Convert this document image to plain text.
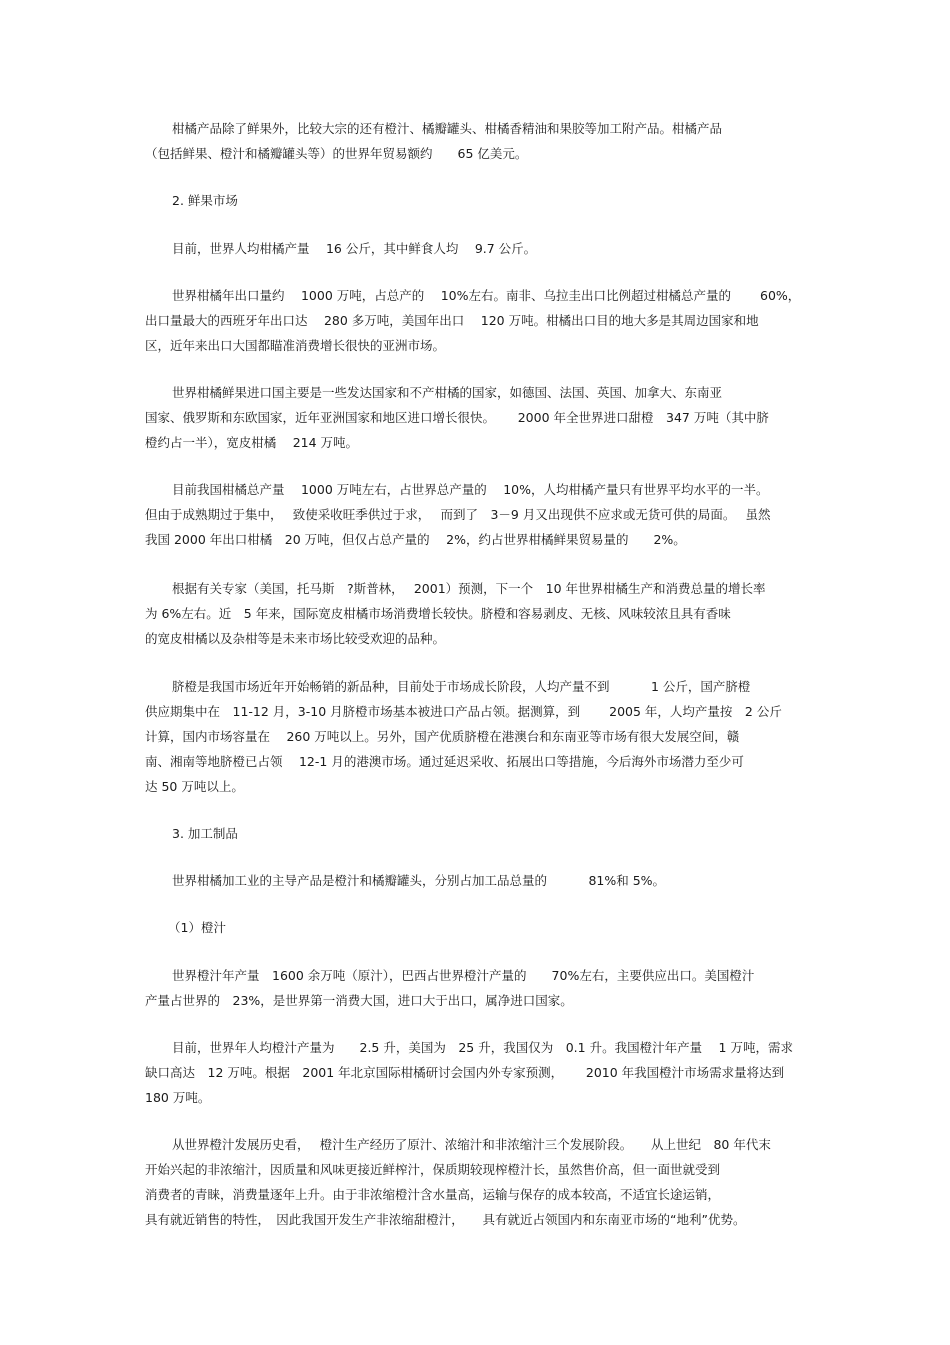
柑橘产品除了鲜果外，比较大宗的还有橙汁、橘瓣罐头、柑橘香精油和果胶等加工附产品。柑橘产品
（包括鲜果、橙汁和橘瓣罐头等）的世界年贸易额约　　65 亿美元。
2. 鲜果市场
目前，世界人均柑橘产量　 16 公斤，其中鲜食人均　 9.7 公斤。
世界柑橘年出口量约　 1000 万吨，占总产的　 10%左右。南非、乌拉圭出口比例超过柑橘总产量的　　 60%，
出口量最大的西班牙年出口达　 280 多万吨，美国年出口　 120 万吨。柑橘出口目的地大多是其周边国家和地
区，近年来出口大国都瞄准消费增长很快的亚洲市场。
世界柑橘鲜果进口国主要是一些发达国家和不产柑橘的国家，如德国、法国、英国、加拿大、东南亚
国家、俄罗斯和东欧国家，近年亚洲国家和地区进口增长很快。　　 2000 年全世界进口甜橙　347 万吨（其中脐
橙约占一半），宽皮柑橘　 214 万吨。
目前我国柑橘总产量　 1000 万吨左右，占世界总产量的　 10%，人均柑橘产量只有世界平均水平的一半。
但由于成熟期过于集中，　 致使采收旺季供过于求，　 而到了　3－9 月又出现供不应求或无货可供的局面。　 虽然
我国 2000 年出口柑橘　20 万吨，但仅占总产量的　 2%，约占世界柑橘鲜果贸易量的　　2%。
根据有关专家（美国，托马斯　?斯普林，　 2001）预测，下一个　10 年世界柑橘生产和消费总量的增长率
为 6%左右。近　5 年来，国际宽皮柑橘市场消费增长较快。脐橙和容易剥皮、无核、风味较浓且具有香味
的宽皮柑橘以及杂柑等是未来市场比较受欢迎的品种。
脐橙是我国市场近年开始畅销的新品种，目前处于市场成长阶段，人均产量不到　　　 1 公斤，国产脐橙
供应期集中在　11-12 月，3-10 月脐橙市场基本被进口产品占领。据测算，到　　 2005 年，人均产量按　2 公斤
计算，国内市场容量在　 260 万吨以上。另外，国产优质脐橙在港澳台和东南亚等市场有很大发展空间，赣
南、湘南等地脐橙已占领　 12-1 月的港澳市场。通过延迟采收、拓展出口等措施，今后海外市场潜力至少可
达 50 万吨以上。
3. 加工制品
世界柑橘加工业的主导产品是橙汁和橘瓣罐头，分别占加工品总量的　　　 81%和 5%。
（1）橙汁
世界橙汁年产量　1600 余万吨（原汁），巴西占世界橙汁产量的　　70%左右，主要供应出口。美国橙汁
产量占世界的　23%，是世界第一消费大国，进口大于出口，属净进口国家。
目前，世界年人均橙汁产量为　　2.5 升，美国为　25 升，我国仅为　0.1 升。我国橙汁年产量　 1 万吨，需求
缺口高达　12 万吨。根据　2001 年北京国际柑橘研讨会国内外专家预测，　　 2010 年我国橙汁市场需求量将达到
180 万吨。
从世界橙汁发展历史看，　 橙汁生产经历了原汁、浓缩汁和非浓缩汁三个发展阶段。　　从上世纪　80 年代末
开始兴起的非浓缩汁，因质量和风味更接近鲜榨汁，保质期较现榨橙汁长，虽然售价高，但一面世就受到
消费者的青睐，消费量逐年上升。由于非浓缩橙汁含水量高，运输与保存的成本较高，不适宜长途运销，
具有就近销售的特性，　因此我国开发生产非浓缩甜橙汁，　　具有就近占领国内和东南亚市场的“地利”优势。
